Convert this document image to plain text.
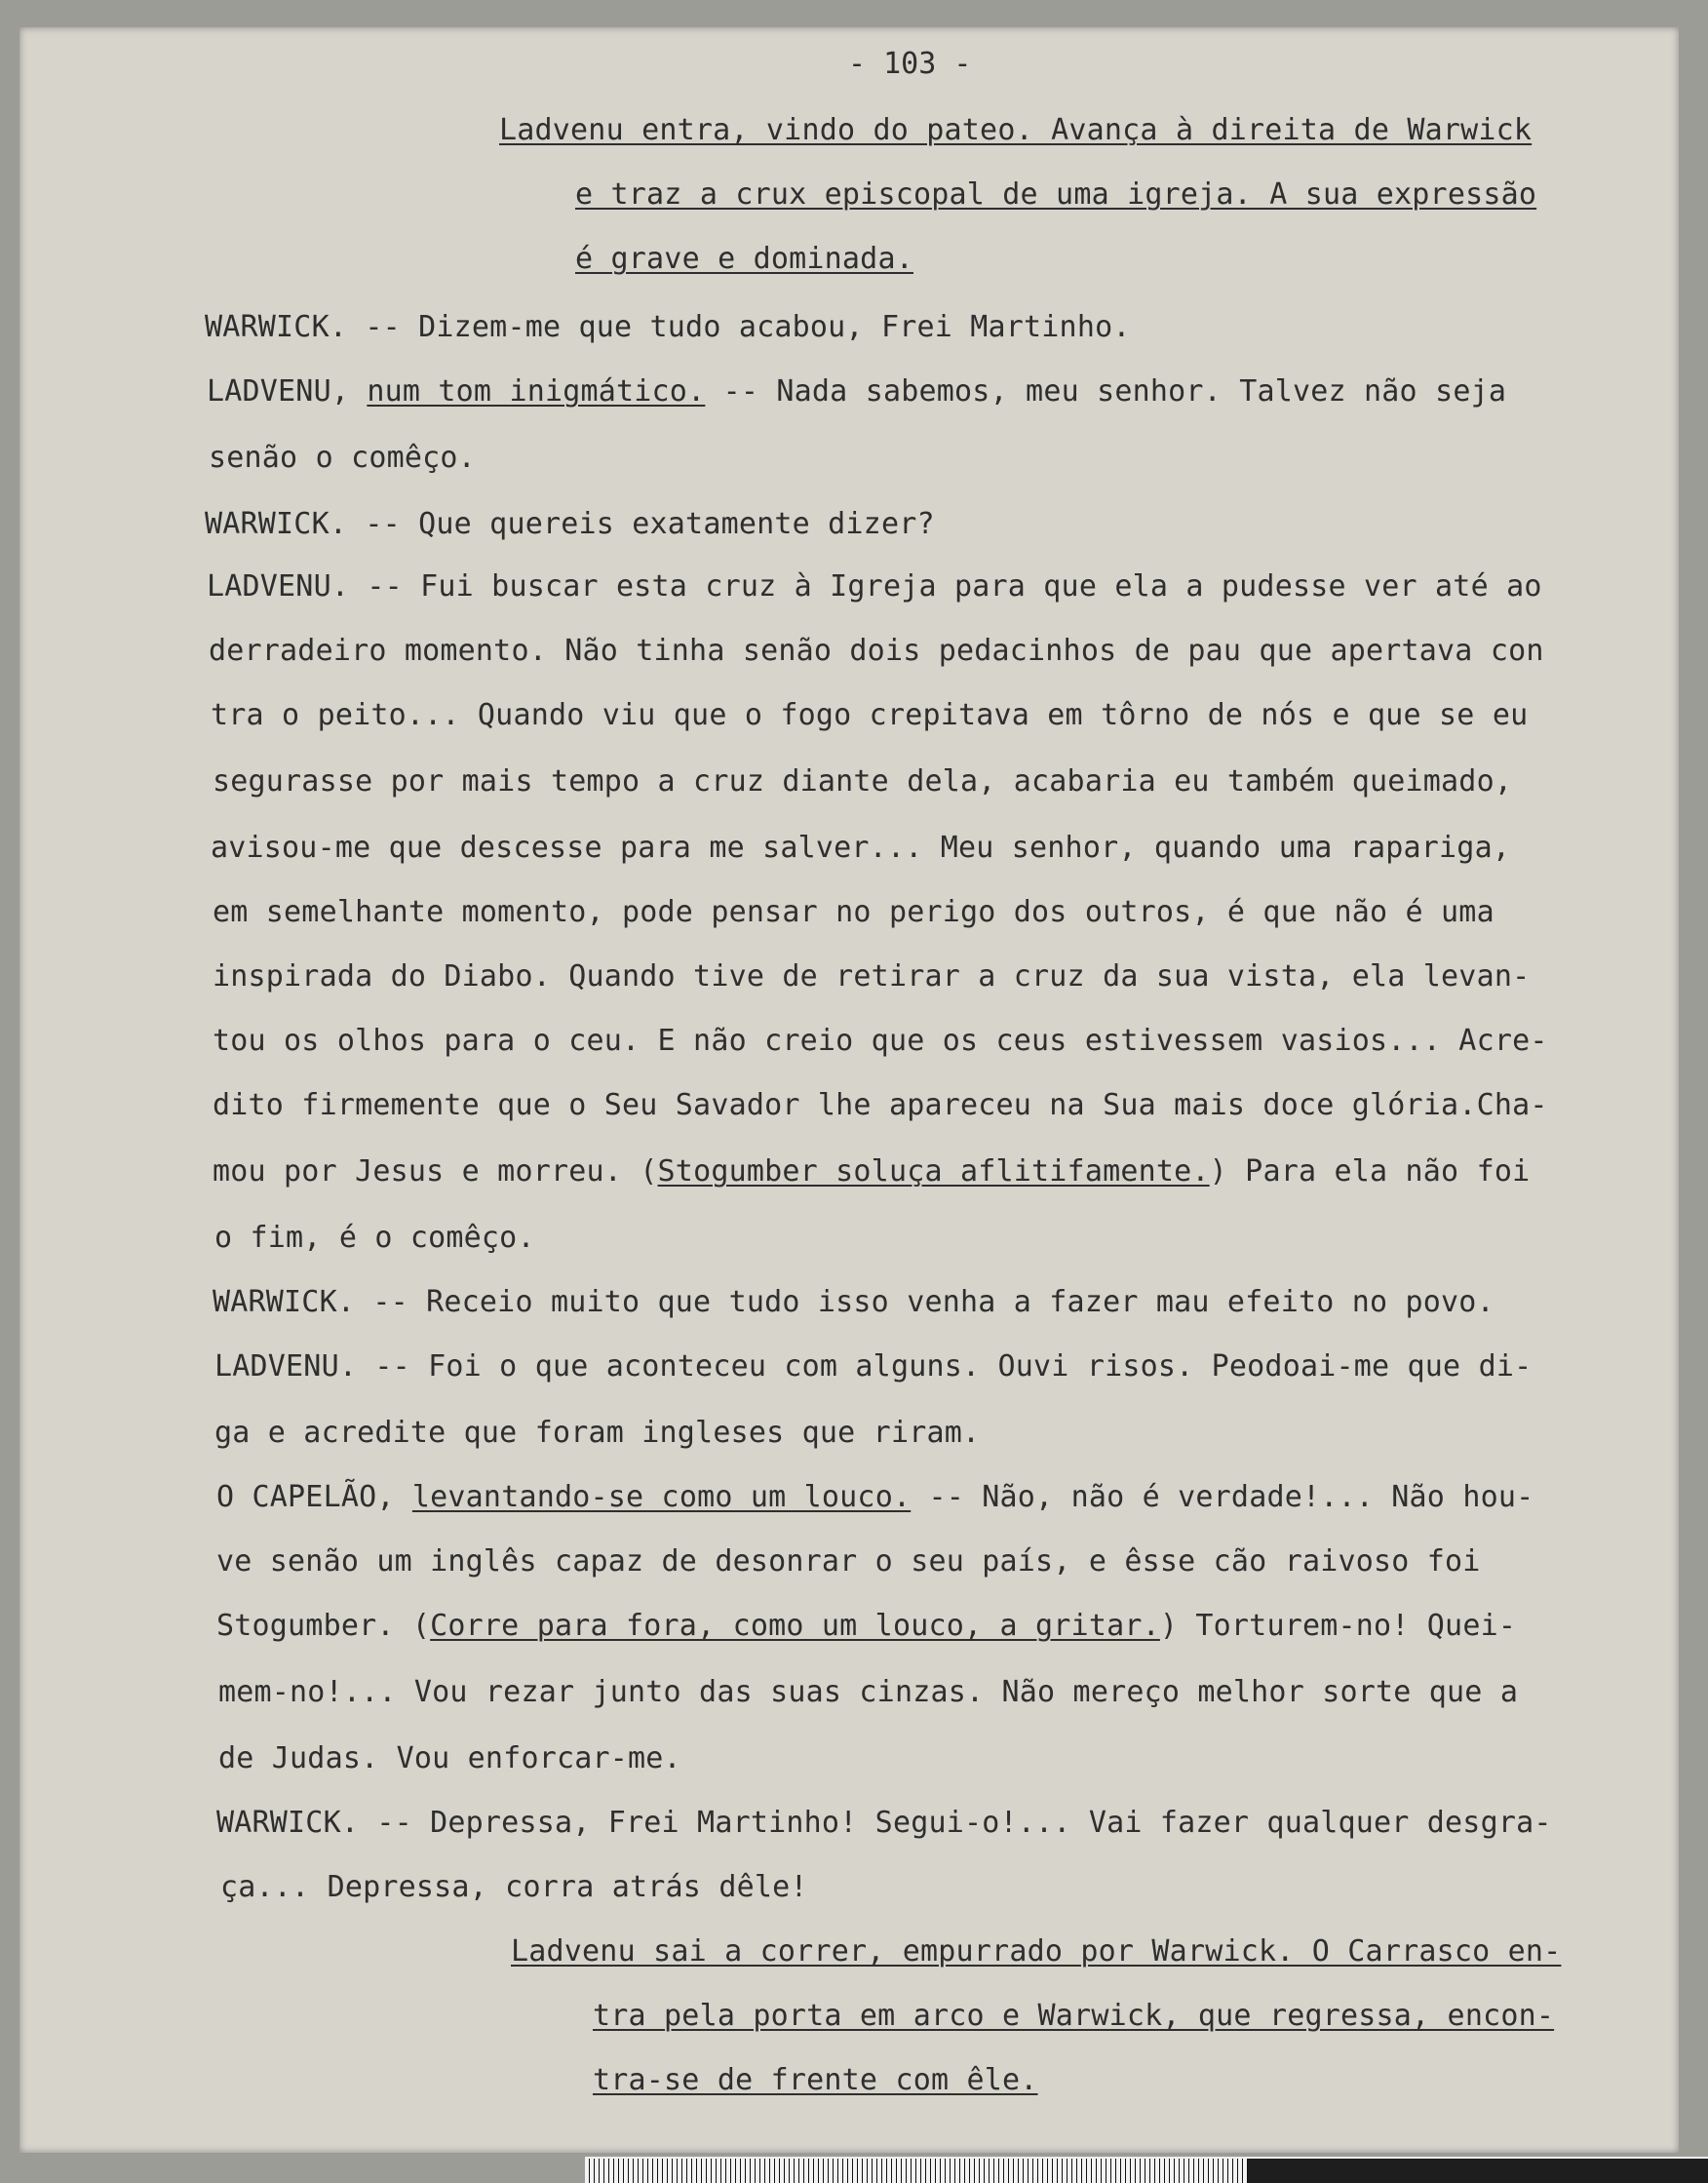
- 103 -

Ladvenu entra, vindo do pateo. Avança à direita de Warwick

e traz a crux episcopal de uma igreja. A sua expressão

é grave e dominada.

WARWICK. -- Dizem-me que tudo acabou, Frei Martinho.

LADVENU, num tom inigmático. -- Nada sabemos, meu senhor. Talvez não seja

senão o comêço.

WARWICK. -- Que quereis exatamente dizer?

LADVENU. -- Fui buscar esta cruz à Igreja para que ela a pudesse ver até ao

derradeiro momento. Não tinha senão dois pedacinhos de pau que apertava con

tra o peito... Quando viu que o fogo crepitava em tôrno de nós e que se eu

segurasse por mais tempo a cruz diante dela, acabaria eu também queimado,

avisou-me que descesse para me salver... Meu senhor, quando uma rapariga,

em semelhante momento, pode pensar no perigo dos outros, é que não é uma

inspirada do Diabo. Quando tive de retirar a cruz da sua vista, ela levan-

tou os olhos para o ceu. E não creio que os ceus estivessem vasios... Acre-

dito firmemente que o Seu Savador lhe apareceu na Sua mais doce glória.Cha-

mou por Jesus e morreu. (Stogumber soluça aflitifamente.) Para ela não foi

o fim, é o comêço.

WARWICK. -- Receio muito que tudo isso venha a fazer mau efeito no povo.

LADVENU. -- Foi o que aconteceu com alguns. Ouvi risos. Peodoai-me que di-

ga e acredite que foram ingleses que riram.

O CAPELÃO, levantando-se como um louco. -- Não, não é verdade!... Não hou-

ve senão um inglês capaz de desonrar o seu país, e êsse cão raivoso foi

Stogumber. (Corre para fora, como um louco, a gritar.) Torturem-no! Quei-

mem-no!... Vou rezar junto das suas cinzas. Não mereço melhor sorte que a

de Judas. Vou enforcar-me.

WARWICK. -- Depressa, Frei Martinho! Segui-o!... Vai fazer qualquer desgra-

ça... Depressa, corra atrás dêle!

Ladvenu sai a correr, empurrado por Warwick. O Carrasco en-

tra pela porta em arco e Warwick, que regressa, encon-

tra-se de frente com êle.
